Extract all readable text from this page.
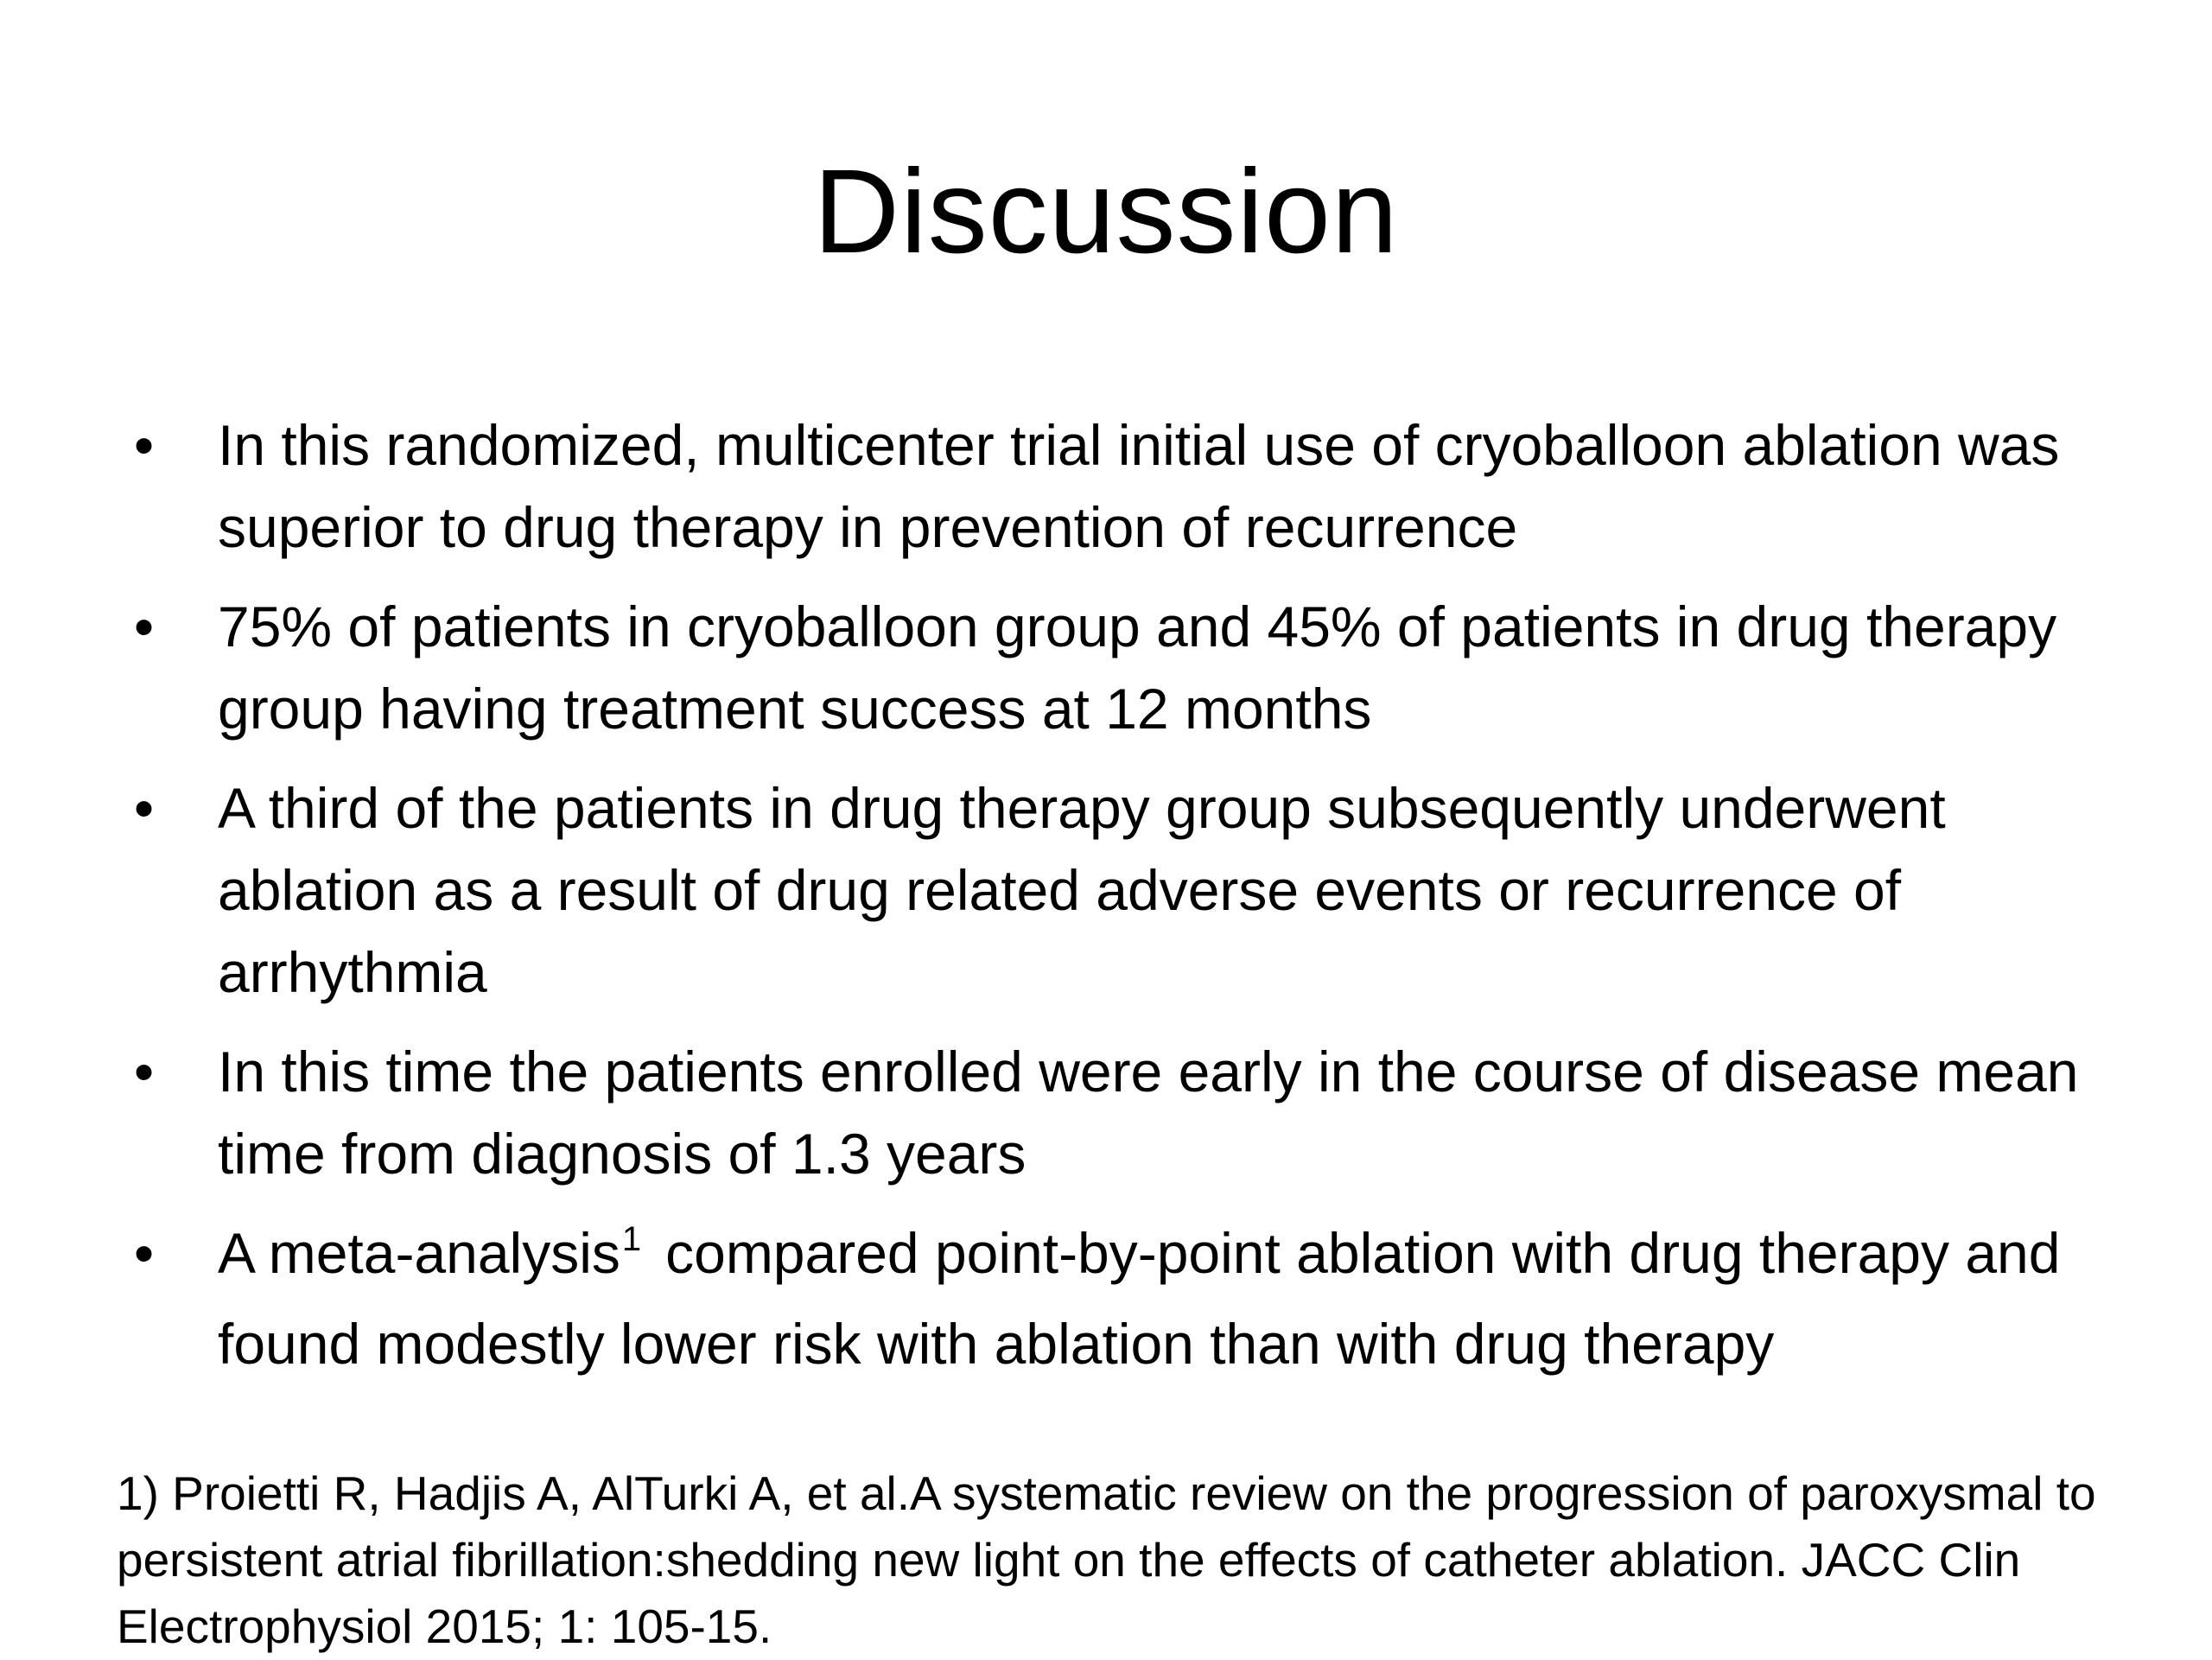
Discussion
• In this randomized, multicenter trial initial use of cryoballoon ablation was superior to drug therapy in prevention of recurrence
• 75% of patients in cryoballoon group and 45% of patients in drug therapy group having treatment success at 12 months
• A third of the patients in drug therapy group subsequently underwent ablation as a result of drug related adverse events or recurrence of arrhythmia
• In this time the patients enrolled were early in the course of disease mean time from diagnosis of 1.3 years
• A meta-analysis$^1$ compared point-by-point ablation with drug therapy and found modestly lower risk with ablation than with drug therapy
1) Proietti R, Hadjis A, AlTurki A, et al.A systematic review on the progression of paroxysmal to persistent atrial fibrillation:shedding new light on the effects of catheter ablation. JACC Clin Electrophysiol 2015; 1: 105-15.
